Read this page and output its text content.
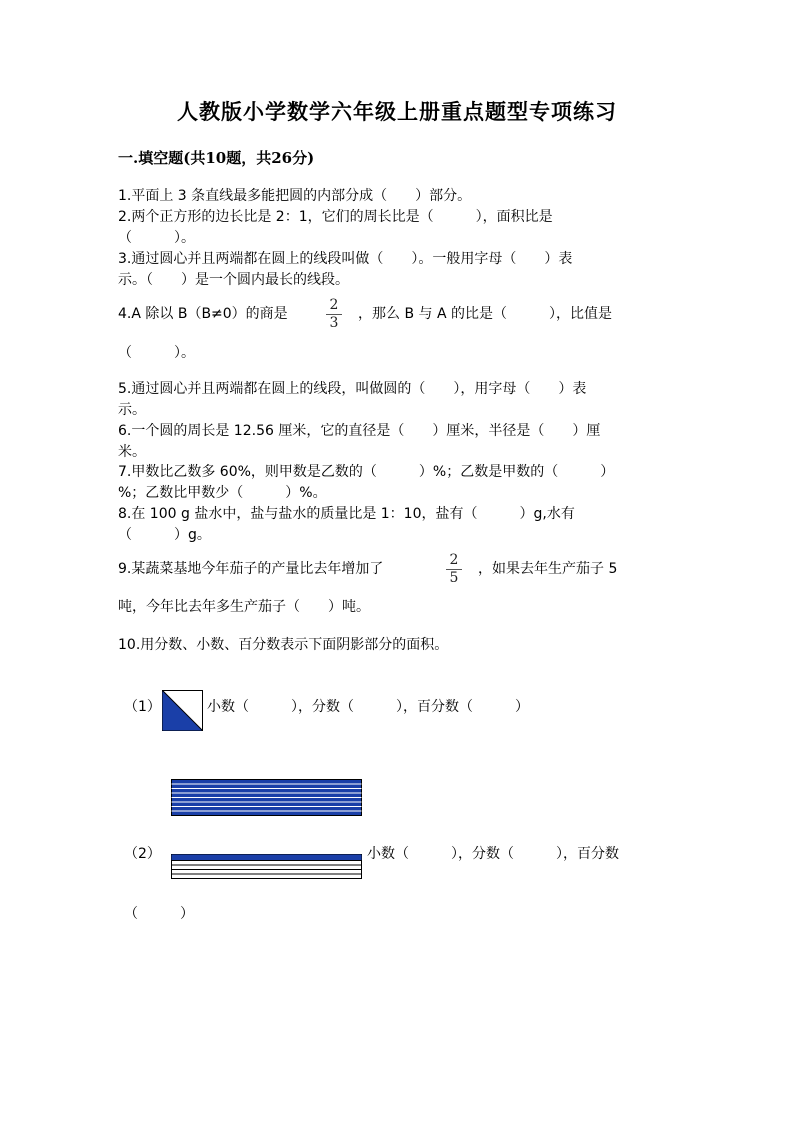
人教版小学数学六年级上册重点题型专项练习
一.填空题(共10题，共26分)
1.平面上 3 条直线最多能把圆的内部分成（　　）部分。
2.两个正方形的边长比是 2：1，它们的周长比是（　　　），面积比是
（　　　）。
3.通过圆心并且两端都在圆上的线段叫做（　　）。一般用字母（　　）表
示。（　　）是一个圆内最长的线段。
4.A 除以 B（B≠0）的商是
2
3
，那么 B 与 A 的比是（　　　），比值是
（　　　）。
5.通过圆心并且两端都在圆上的线段，叫做圆的（　　），用字母（　　）表
示。
6.一个圆的周长是 12.56 厘米，它的直径是（　　）厘米，半径是（　　）厘
米。
7.甲数比乙数多 60%，则甲数是乙数的（　　　）%；乙数是甲数的（　　　）
%；乙数比甲数少（　　　）%。
8.在 100 g 盐水中，盐与盐水的质量比是 1：10，盐有（　　　）g,水有
（　　　）g。
9.某蔬菜基地今年茄子的产量比去年增加了
2
5
，如果去年生产茄子 5
吨，今年比去年多生产茄子（　　）吨。
10.用分数、小数、百分数表示下面阴影部分的面积。
（1）	小数（　　　），分数（　　　），百分数（　　　）
（2）	小数（　　　），分数（　　　），百分数
（　　　）
